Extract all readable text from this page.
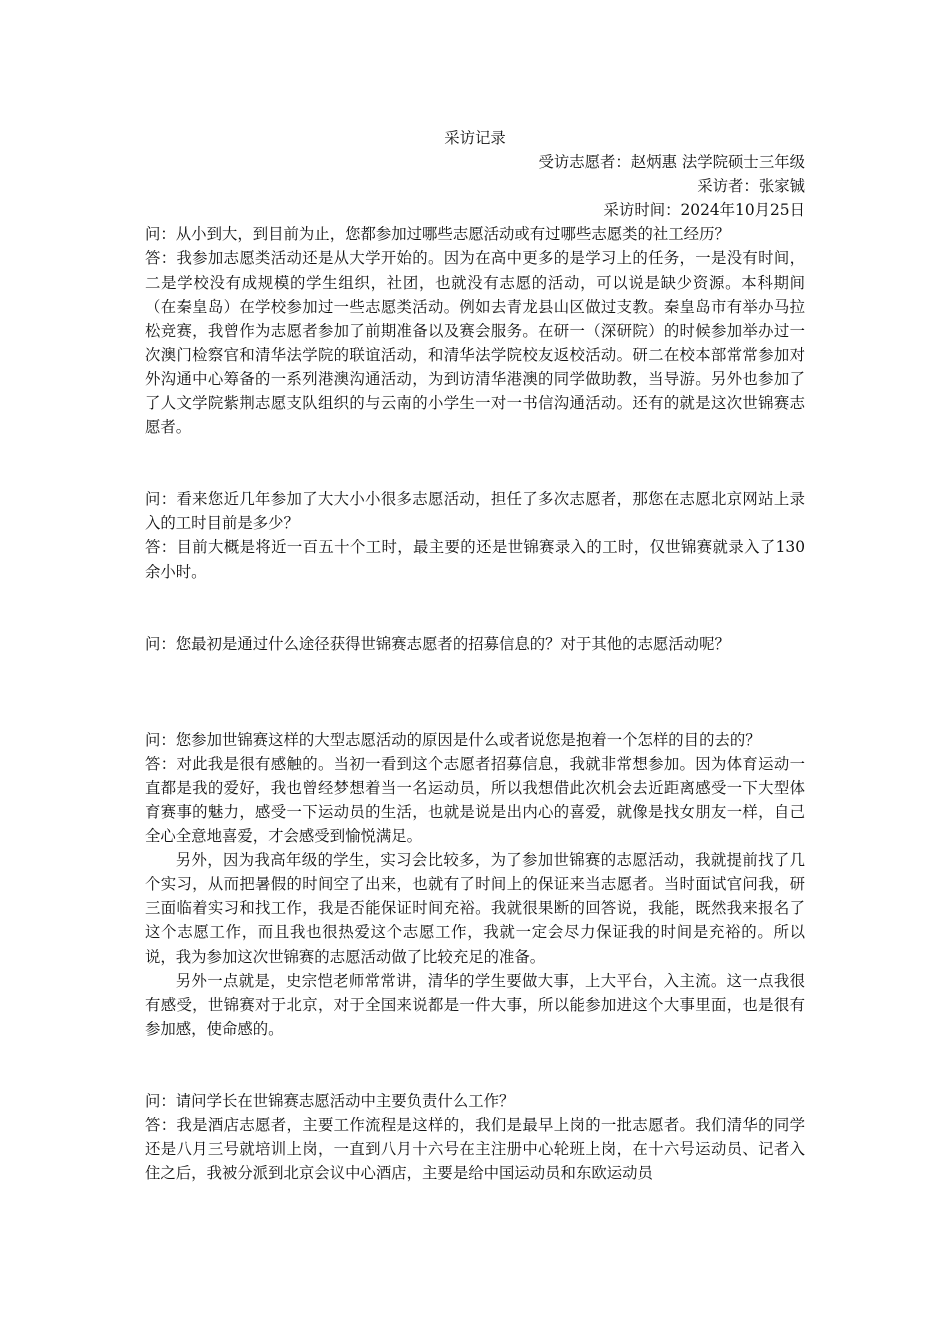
采访记录

受访志愿者：赵炳惠 法学院硕士三年级

采访者：张家铖

采访时间：2024年10月25日

问：从小到大，到目前为止，您都参加过哪些志愿活动或有过哪些志愿类的社工经历？

答：我参加志愿类活动还是从大学开始的。因为在高中更多的是学习上的任务，一是没有时间，二是学校没有成规模的学生组织，社团，也就没有志愿的活动，可以说是缺少资源。本科期间（在秦皇岛）在学校参加过一些志愿类活动。例如去青龙县山区做过支教。秦皇岛市有举办马拉松竞赛，我曾作为志愿者参加了前期准备以及赛会服务。在研一（深研院）的时候参加举办过一次澳门检察官和清华法学院的联谊活动，和清华法学院校友返校活动。研二在校本部常常参加对外沟通中心筹备的一系列港澳沟通活动，为到访清华港澳的同学做助教，当导游。另外也参加了了人文学院紫荆志愿支队组织的与云南的小学生一对一书信沟通活动。还有的就是这次世锦赛志愿者。

问：看来您近几年参加了大大小小很多志愿活动，担任了多次志愿者，那您在志愿北京网站上录入的工时目前是多少？

答：目前大概是将近一百五十个工时，最主要的还是世锦赛录入的工时，仅世锦赛就录入了130余小时。

问：您最初是通过什么途径获得世锦赛志愿者的招募信息的？对于其他的志愿活动呢？

问：您参加世锦赛这样的大型志愿活动的原因是什么或者说您是抱着一个怎样的目的去的？

答：对此我是很有感触的。当初一看到这个志愿者招募信息，我就非常想参加。因为体育运动一直都是我的爱好，我也曾经梦想着当一名运动员，所以我想借此次机会去近距离感受一下大型体育赛事的魅力，感受一下运动员的生活，也就是说是出内心的喜爱，就像是找女朋友一样，自己全心全意地喜爱，才会感受到愉悦满足。

另外，因为我高年级的学生，实习会比较多，为了参加世锦赛的志愿活动，我就提前找了几个实习，从而把暑假的时间空了出来，也就有了时间上的保证来当志愿者。当时面试官问我，研三面临着实习和找工作，我是否能保证时间充裕。我就很果断的回答说，我能，既然我来报名了这个志愿工作，而且我也很热爱这个志愿工作，我就一定会尽力保证我的时间是充裕的。所以说，我为参加这次世锦赛的志愿活动做了比较充足的准备。

另外一点就是，史宗恺老师常常讲，清华的学生要做大事，上大平台，入主流。这一点我很有感受，世锦赛对于北京，对于全国来说都是一件大事，所以能参加进这个大事里面，也是很有参加感，使命感的。

问：请问学长在世锦赛志愿活动中主要负责什么工作？

答：我是酒店志愿者，主要工作流程是这样的，我们是最早上岗的一批志愿者。我们清华的同学还是八月三号就培训上岗，一直到八月十六号在主注册中心轮班上岗，在十六号运动员、记者入住之后，我被分派到北京会议中心酒店，主要是给中国运动员和东欧运动员
